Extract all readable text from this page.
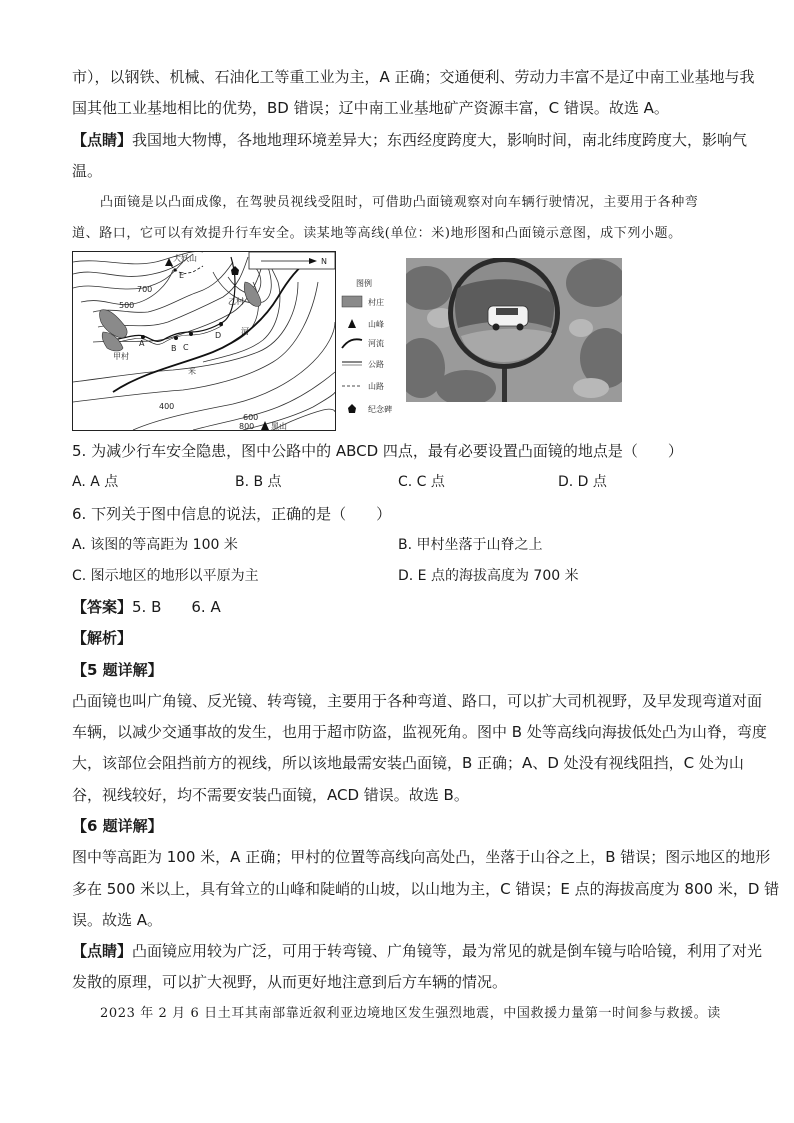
市），以钢铁、机械、石油化工等重工业为主，A 正确；交通便利、劳动力丰富不是辽中南工业基地与我
国其他工业基地相比的优势，BD 错误；辽中南工业基地矿产资源丰富，C 错误。故选 A。
【点睛】我国地大物博，各地地理环境差异大；东西经度跨度大，影响时间，南北纬度跨度大，影响气
温。
凸面镜是以凸面成像，在驾驶员视线受阻时，可借助凸面镜观察对向车辆行驶情况，主要用于各种弯
道、路口，它可以有效提升行车安全。读某地等高线(单位：米)地形图和凸面镜示意图，成下列小题。
大妖山
E
N
700
500	乙村
A
B C
D 河
米
甲村
400
600
800 黑山
图例
村庄
山峰
河流
公路
山路
纪念碑
5. 为减少行车安全隐患，图中公路中的 ABCD 四点，最有必要设置凸面镜的地点是（　　）
A. A 点	B. B 点	C. C 点	D. D 点
6. 下列关于图中信息的说法，正确的是（　　）
A. 该图的等高距为 100 米	B. 甲村坐落于山脊之上
C. 图示地区的地形以平原为主	D. E 点的海拔高度为 700 米
【答案】5. B　　6. A
【解析】
【5 题详解】
凸面镜也叫广角镜、反光镜、转弯镜，主要用于各种弯道、路口，可以扩大司机视野，及早发现弯道对面
车辆，以减少交通事故的发生，也用于超市防盗，监视死角。图中 B 处等高线向海拔低处凸为山脊，弯度
大，该部位会阻挡前方的视线，所以该地最需安装凸面镜，B 正确；A、D 处没有视线阻挡，C 处为山
谷，视线较好，均不需要安装凸面镜，ACD 错误。故选 B。
【6 题详解】
图中等高距为 100 米，A 正确；甲村的位置等高线向高处凸，坐落于山谷之上，B 错误；图示地区的地形
多在 500 米以上，具有耸立的山峰和陡峭的山坡，以山地为主，C 错误；E 点的海拔高度为 800 米，D 错
误。故选 A。
【点睛】凸面镜应用较为广泛，可用于转弯镜、广角镜等，最为常见的就是倒车镜与哈哈镜，利用了对光
发散的原理，可以扩大视野，从而更好地注意到后方车辆的情况。
2023 年 2 月 6 日土耳其南部靠近叙利亚边境地区发生强烈地震，中国救援力量第一时间参与救援。读
